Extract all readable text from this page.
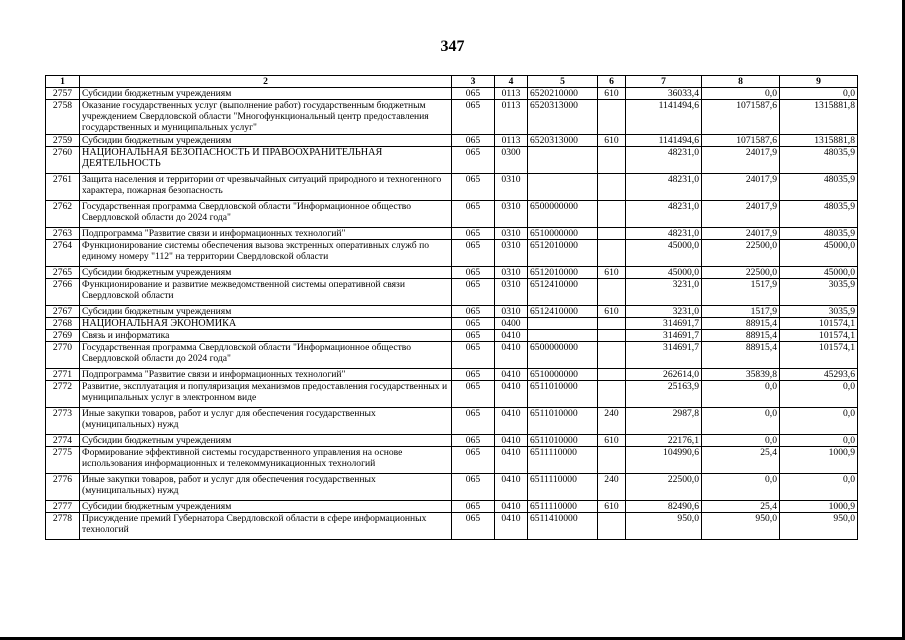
347
1	2	3	4	5	6	7	8	9
2757	Субсидии бюджетным учреждениям	065	0113	6520210000	610	36033,4	0,0	0,0
2758	Оказание государственных услуг (выполнение работ) государственным бюджетным учреждением Свердловской области "Многофункциональный центр предоставления государственных и муниципальных услуг"	065	0113	6520313000		1141494,6	1071587,6	1315881,8
2759	Субсидии бюджетным учреждениям	065	0113	6520313000	610	1141494,6	1071587,6	1315881,8
2760	НАЦИОНАЛЬНАЯ БЕЗОПАСНОСТЬ И ПРАВООХРАНИТЕЛЬНАЯ ДЕЯТЕЛЬНОСТЬ	065	0300			48231,0	24017,9	48035,9
2761	Защита населения и территории от чрезвычайных ситуаций природного и техногенного характера, пожарная безопасность	065	0310			48231,0	24017,9	48035,9
2762	Государственная программа Свердловской области "Информационное общество Свердловской области до 2024 года"	065	0310	6500000000		48231,0	24017,9	48035,9
2763	Подпрограмма "Развитие связи и информационных технологий"	065	0310	6510000000		48231,0	24017,9	48035,9
2764	Функционирование системы обеспечения вызова экстренных оперативных служб по единому номеру "112" на территории Свердловской области	065	0310	6512010000		45000,0	22500,0	45000,0
2765	Субсидии бюджетным учреждениям	065	0310	6512010000	610	45000,0	22500,0	45000,0
2766	Функционирование и развитие межведомственной системы оперативной связи Свердловской области	065	0310	6512410000		3231,0	1517,9	3035,9
2767	Субсидии бюджетным учреждениям	065	0310	6512410000	610	3231,0	1517,9	3035,9
2768	НАЦИОНАЛЬНАЯ ЭКОНОМИКА	065	0400			314691,7	88915,4	101574,1
2769	Связь и информатика	065	0410			314691,7	88915,4	101574,1
2770	Государственная программа Свердловской области "Информационное общество Свердловской области до 2024 года"	065	0410	6500000000		314691,7	88915,4	101574,1
2771	Подпрограмма "Развитие связи и информационных технологий"	065	0410	6510000000		262614,0	35839,8	45293,6
2772	Развитие, эксплуатация и популяризация механизмов предоставления государственных и муниципальных услуг в электронном виде	065	0410	6511010000		25163,9	0,0	0,0
2773	Иные закупки товаров, работ и услуг для обеспечения государственных (муниципальных) нужд	065	0410	6511010000	240	2987,8	0,0	0,0
2774	Субсидии бюджетным учреждениям	065	0410	6511010000	610	22176,1	0,0	0,0
2775	Формирование эффективной системы государственного управления на основе использования информационных и телекоммуникационных технологий	065	0410	6511110000		104990,6	25,4	1000,9
2776	Иные закупки товаров, работ и услуг для обеспечения государственных (муниципальных) нужд	065	0410	6511110000	240	22500,0	0,0	0,0
2777	Субсидии бюджетным учреждениям	065	0410	6511110000	610	82490,6	25,4	1000,9
2778	Присуждение премий Губернатора Свердловской области в сфере информационных технологий	065	0410	6511410000		950,0	950,0	950,0
